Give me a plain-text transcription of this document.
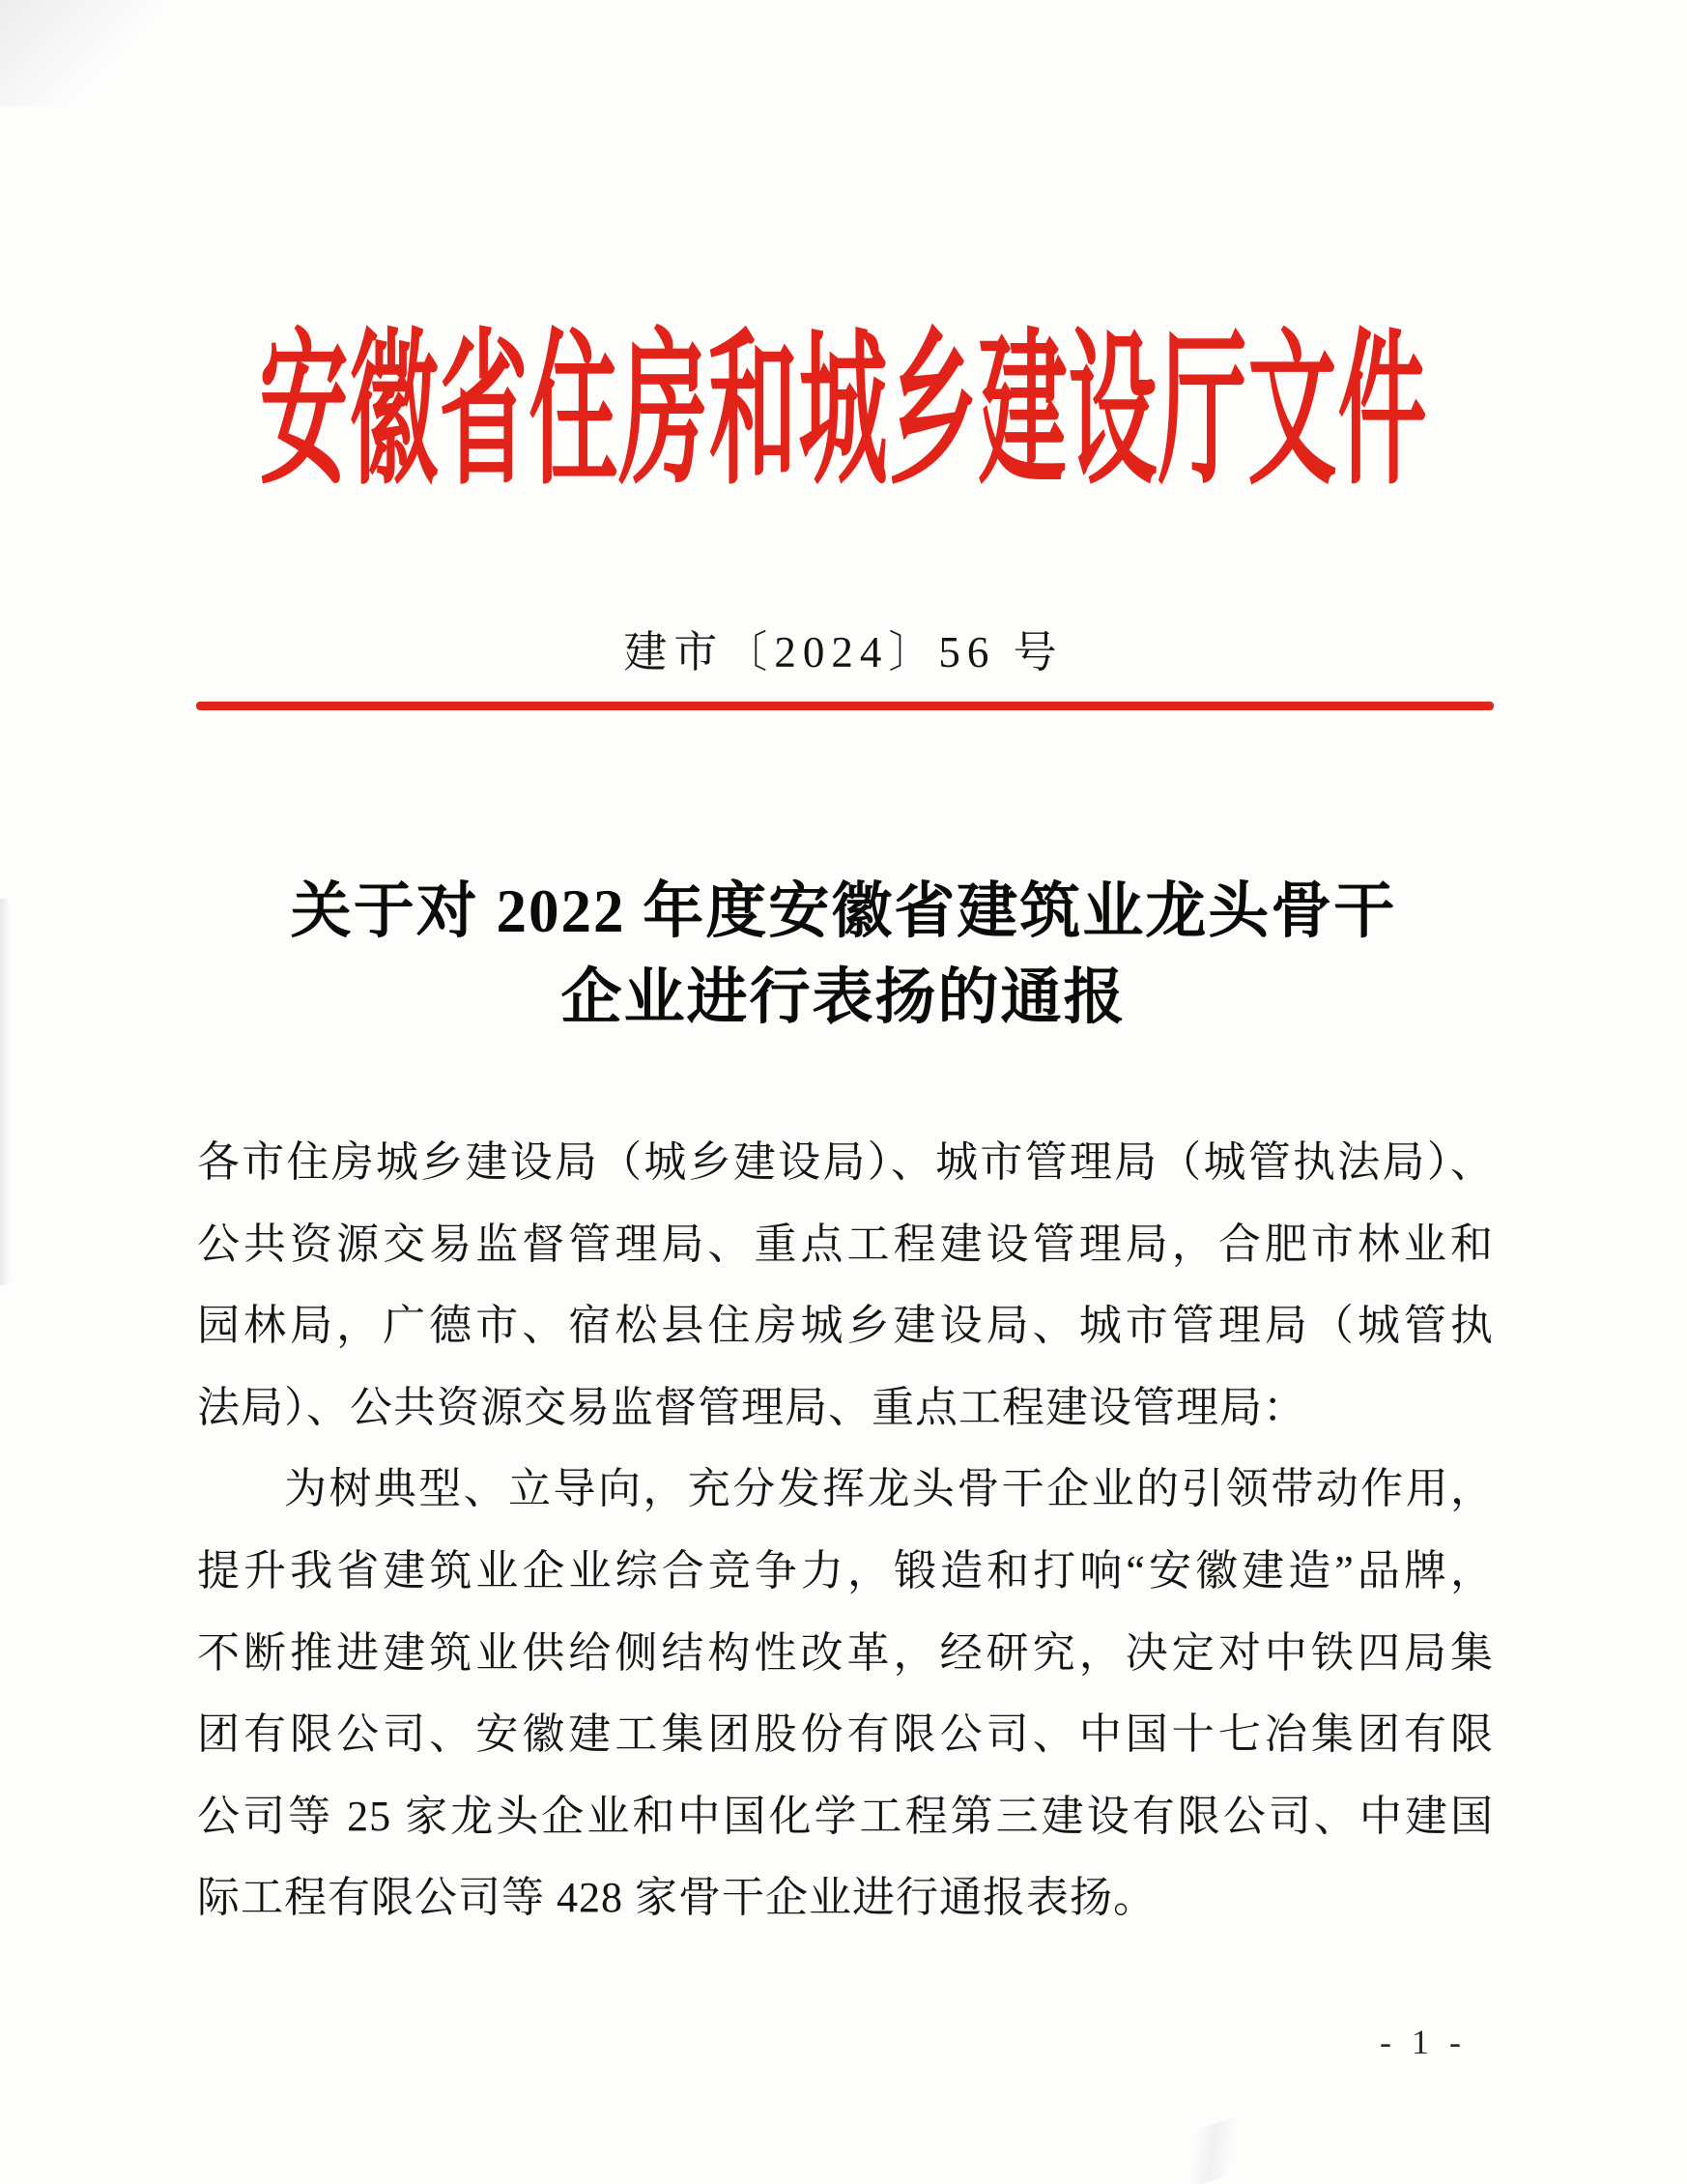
安徽省住房和城乡建设厅文件
建市〔2024〕56 号
关于对 2022 年度安徽省建筑业龙头骨干
企业进行表扬的通报
各市住房城乡建设局（城乡建设局）、城市管理局（城管执法局）、
公共资源交易监督管理局、重点工程建设管理局，合肥市林业和
园林局，广德市、宿松县住房城乡建设局、城市管理局（城管执
法局）、公共资源交易监督管理局、重点工程建设管理局：
为树典型、立导向，充分发挥龙头骨干企业的引领带动作用，
提升我省建筑业企业综合竞争力，锻造和打响“安徽建造”品牌，
不断推进建筑业供给侧结构性改革，经研究，决定对中铁四局集
团有限公司、安徽建工集团股份有限公司、中国十七冶集团有限
公司等 25 家龙头企业和中国化学工程第三建设有限公司、中建国
际工程有限公司等 428 家骨干企业进行通报表扬。
- 1 -
